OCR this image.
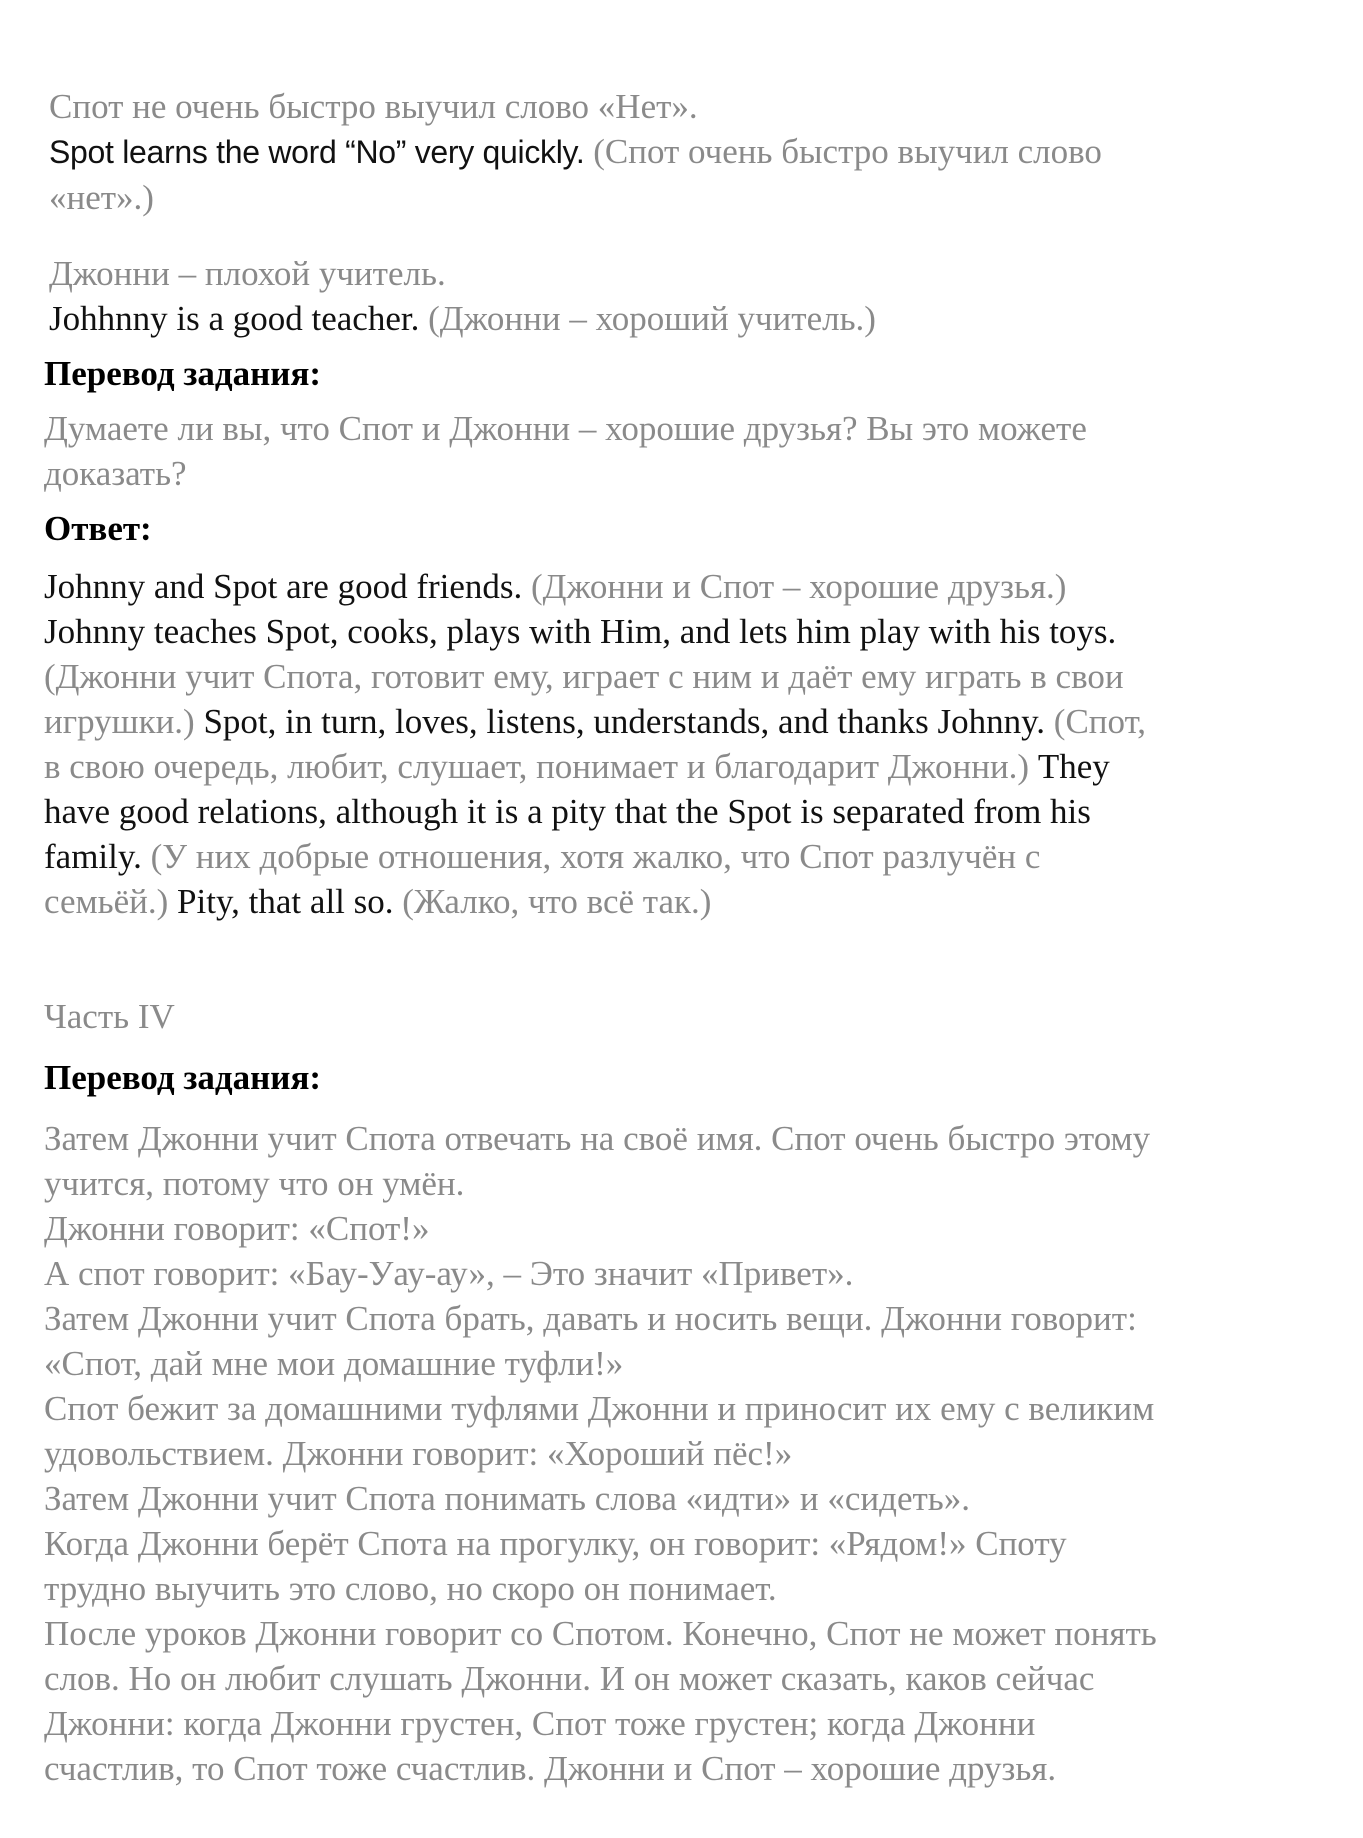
Спот не очень быстро выучил слово «Нет».
Spot learns the word “No” very quickly. (Спот очень быстро выучил слово
«нет».)
Джонни – плохой учитель.
Johhnny is a good teacher. (Джонни – хороший учитель.)
Перевод задания:
Думаете ли вы, что Спот и Джонни – хорошие друзья? Вы это можете
доказать?
Ответ:
Johnny and Spot are good friends. (Джонни и Спот – хорошие друзья.)
Johnny teaches Spot, cooks, plays with Him, and lets him play with his toys.
(Джонни учит Спота, готовит ему, играет с ним и даёт ему играть в свои
игрушки.) Spot, in turn, loves, listens, understands, and thanks Johnny. (Спот,
в свою очередь, любит, слушает, понимает и благодарит Джонни.) They
have good relations, although it is a pity that the Spot is separated from his
family. (У них добрые отношения, хотя жалко, что Спот разлучён с
семьёй.) Pity, that all so. (Жалко, что всё так.)
Часть IV
Перевод задания:
Затем Джонни учит Спота отвечать на своё имя. Спот очень быстро этому
учится, потому что он умён.
Джонни говорит: «Спот!»
А спот говорит: «Бау-Уау-ау», – Это значит «Привет».
Затем Джонни учит Спота брать, давать и носить вещи. Джонни говорит:
«Спот, дай мне мои домашние туфли!»
Спот бежит за домашними туфлями Джонни и приносит их ему с великим
удовольствием. Джонни говорит: «Хороший пёс!»
Затем Джонни учит Спота понимать слова «идти» и «сидеть».
Когда Джонни берёт Спота на прогулку, он говорит: «Рядом!» Споту
трудно выучить это слово, но скоро он понимает.
После уроков Джонни говорит со Спотом. Конечно, Спот не может понять
слов. Но он любит слушать Джонни. И он может сказать, каков сейчас
Джонни: когда Джонни грустен, Спот тоже грустен; когда Джонни
счастлив, то Спот тоже счастлив. Джонни и Спот – хорошие друзья.
